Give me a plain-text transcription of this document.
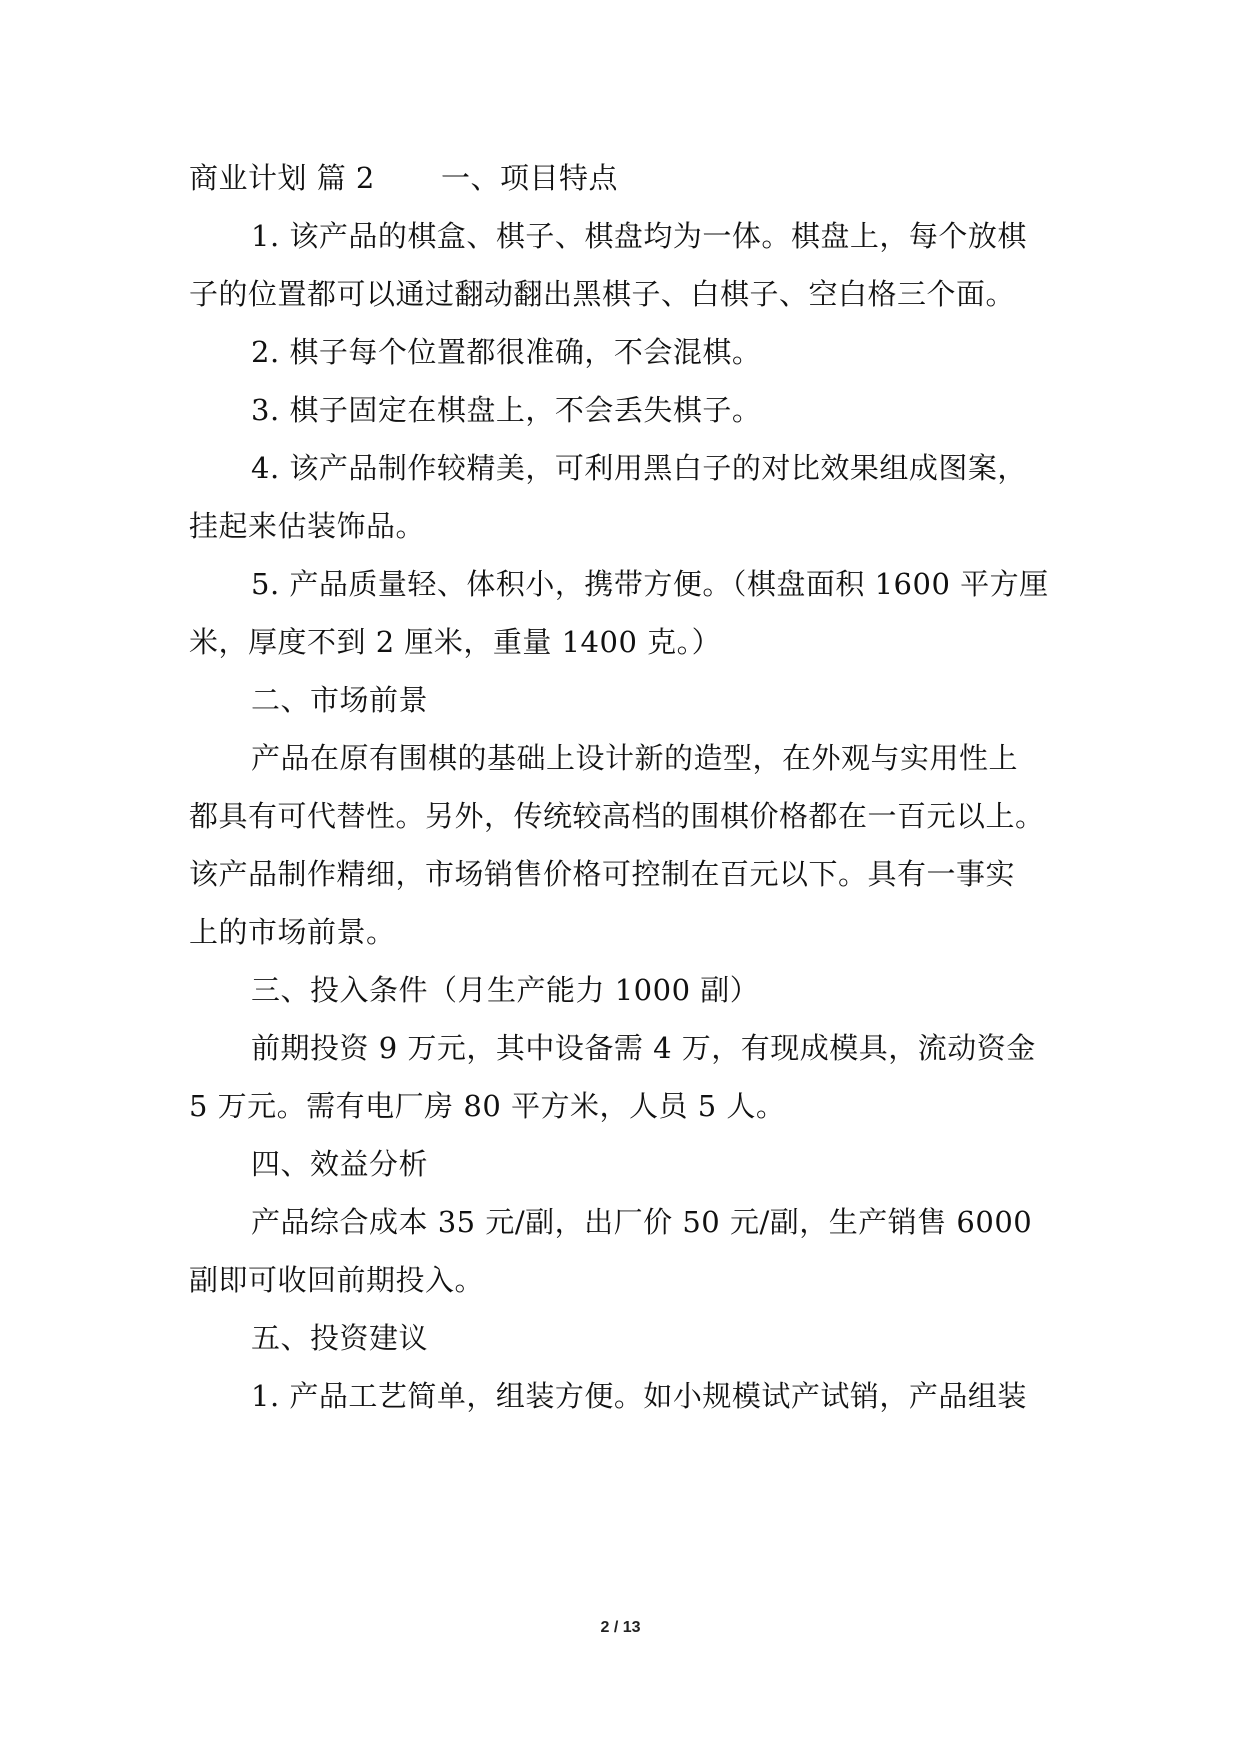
商业计划 篇 2 一、项目特点
1. 该产品的棋盒、棋子、棋盘均为一体。棋盘上，每个放棋
子的位置都可以通过翻动翻出黑棋子、白棋子、空白格三个面。
2. 棋子每个位置都很准确，不会混棋。
3. 棋子固定在棋盘上，不会丢失棋子。
4. 该产品制作较精美，可利用黑白子的对比效果组成图案，
挂起来估装饰品。
5. 产品质量轻、体积小，携带方便。（棋盘面积 1600 平方厘
米，厚度不到 2 厘米，重量 1400 克。）
二、市场前景
产品在原有围棋的基础上设计新的造型，在外观与实用性上
都具有可代替性。另外，传统较高档的围棋价格都在一百元以上。
该产品制作精细，市场销售价格可控制在百元以下。具有一事实
上的市场前景。
三、投入条件（月生产能力 1000 副）
前期投资 9 万元，其中设备需 4 万，有现成模具，流动资金
5 万元。需有电厂房 80 平方米，人员 5 人。
四、效益分析
产品综合成本 35 元/副，出厂价 50 元/副，生产销售 6000
副即可收回前期投入。
五、投资建议
1. 产品工艺简单，组装方便。如小规模试产试销，产品组装
2 / 13
